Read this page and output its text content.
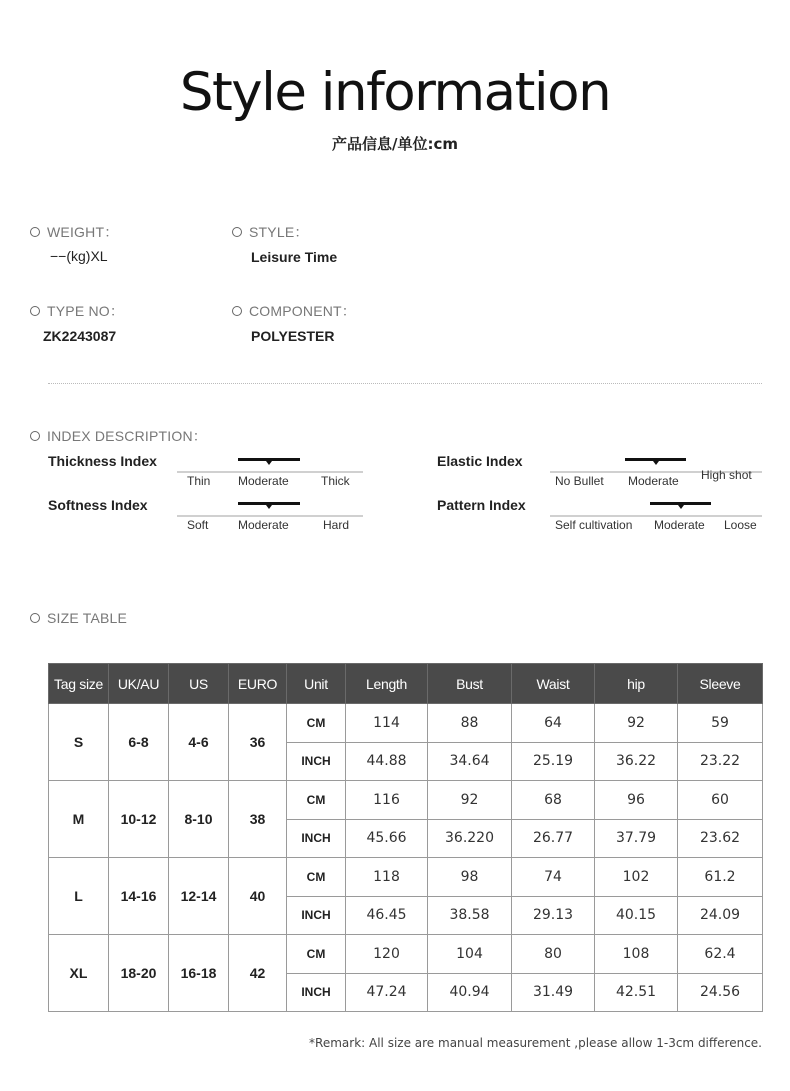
Style information
产品信息/单位:cm
WEIGHT：
−−(kg)XL
STYLE：
Leisure Time
TYPE NO：
ZK2243087
COMPONENT：
POLYESTER
INDEX DESCRIPTION：
Thickness Index
Thin Moderate	Thick
Softness Index
Soft Moderate	Hard
Elastic Index
No Bullet Moderate High shot
Pattern Index
Self cultivation Moderate Loose
SIZE TABLE
Tag size	UK/AU	US	EURO	Unit	Length	Bust	Waist	hip	Sleeve
S	6-8	4-6	36	CM	114	88	64	92	59
				INCH	44.88	34.64	25.19	36.22	23.22
M	10-12	8-10	38	CM	116	92	68	96	60
				INCH	45.66	36.220	26.77	37.79	23.62
L	14-16	12-14	40	CM	118	98	74	102	61.2
				INCH	46.45	38.58	29.13	40.15	24.09
XL	18-20	16-18	42	CM	120	104	80	108	62.4
				INCH	47.24	40.94	31.49	42.51	24.56
*Remark: All size are manual measurement ,please allow 1-3cm difference.
